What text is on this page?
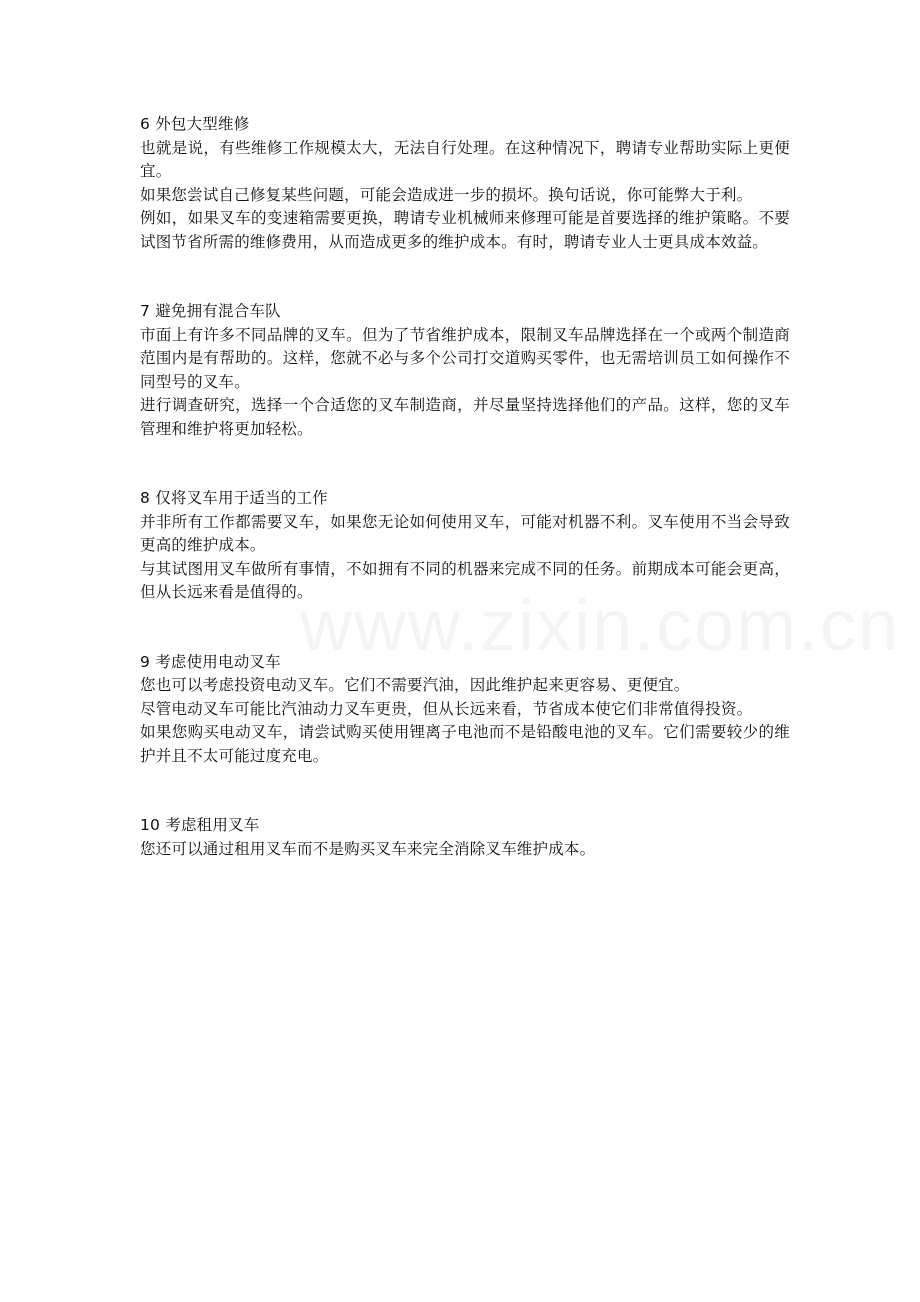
6 外包大型维修

也就是说，有些维修工作规模太大，无法自行处理。在这种情况下，聘请专业帮助实际上更便宜。

如果您尝试自己修复某些问题，可能会造成进一步的损坏。换句话说，你可能弊大于利。

例如，如果叉车的变速箱需要更换，聘请专业机械师来修理可能是首要选择的维护策略。不要试图节省所需的维修费用，从而造成更多的维护成本。有时，聘请专业人士更具成本效益。

7 避免拥有混合车队

市面上有许多不同品牌的叉车。但为了节省维护成本，限制叉车品牌选择在一个或两个制造商范围内是有帮助的。这样，您就不必与多个公司打交道购买零件，也无需培训员工如何操作不同型号的叉车。

进行调查研究，选择一个合适您的叉车制造商，并尽量坚持选择他们的产品。这样，您的叉车管理和维护将更加轻松。

8 仅将叉车用于适当的工作

并非所有工作都需要叉车，如果您无论如何使用叉车，可能对机器不利。叉车使用不当会导致更高的维护成本。

与其试图用叉车做所有事情，不如拥有不同的机器来完成不同的任务。前期成本可能会更高，但从长远来看是值得的。

9 考虑使用电动叉车

您也可以考虑投资电动叉车。它们不需要汽油，因此维护起来更容易、更便宜。

尽管电动叉车可能比汽油动力叉车更贵，但从长远来看，节省成本使它们非常值得投资。

如果您购买电动叉车，请尝试购买使用锂离子电池而不是铅酸电池的叉车。它们需要较少的维护并且不太可能过度充电。

10 考虑租用叉车

您还可以通过租用叉车而不是购买叉车来完全消除叉车维护成本。
